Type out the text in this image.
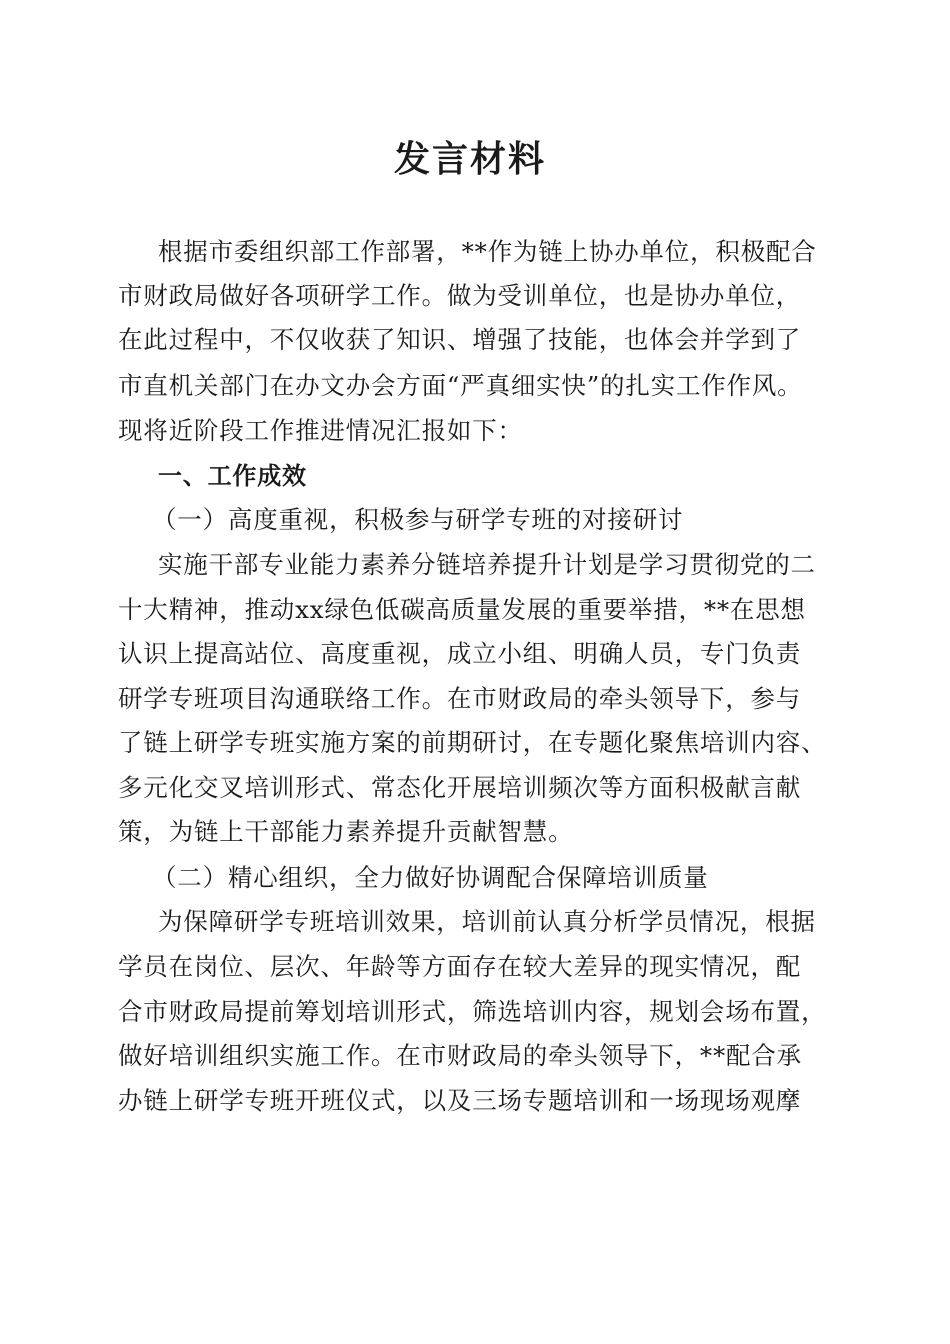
发言材料
根据市委组织部工作部署，**作为链上协办单位，积极配合
市财政局做好各项研学工作。做为受训单位，也是协办单位，
在此过程中，不仅收获了知识、增强了技能，也体会并学到了
市直机关部门在办文办会方面“严真细实快”的扎实工作作风。
现将近阶段工作推进情况汇报如下：
一、工作成效
（一）高度重视，积极参与研学专班的对接研讨
实施干部专业能力素养分链培养提升计划是学习贯彻党的二
十大精神，推动xx绿色低碳高质量发展的重要举措，**在思想
认识上提高站位、高度重视，成立小组、明确人员，专门负责
研学专班项目沟通联络工作。在市财政局的牵头领导下，参与
了链上研学专班实施方案的前期研讨，在专题化聚焦培训内容、
多元化交叉培训形式、常态化开展培训频次等方面积极献言献
策，为链上干部能力素养提升贡献智慧。
（二）精心组织，全力做好协调配合保障培训质量
为保障研学专班培训效果，培训前认真分析学员情况，根据
学员在岗位、层次、年龄等方面存在较大差异的现实情况，配
合市财政局提前筹划培训形式，筛选培训内容，规划会场布置，
做好培训组织实施工作。在市财政局的牵头领导下，**配合承
办链上研学专班开班仪式，以及三场专题培训和一场现场观摩
